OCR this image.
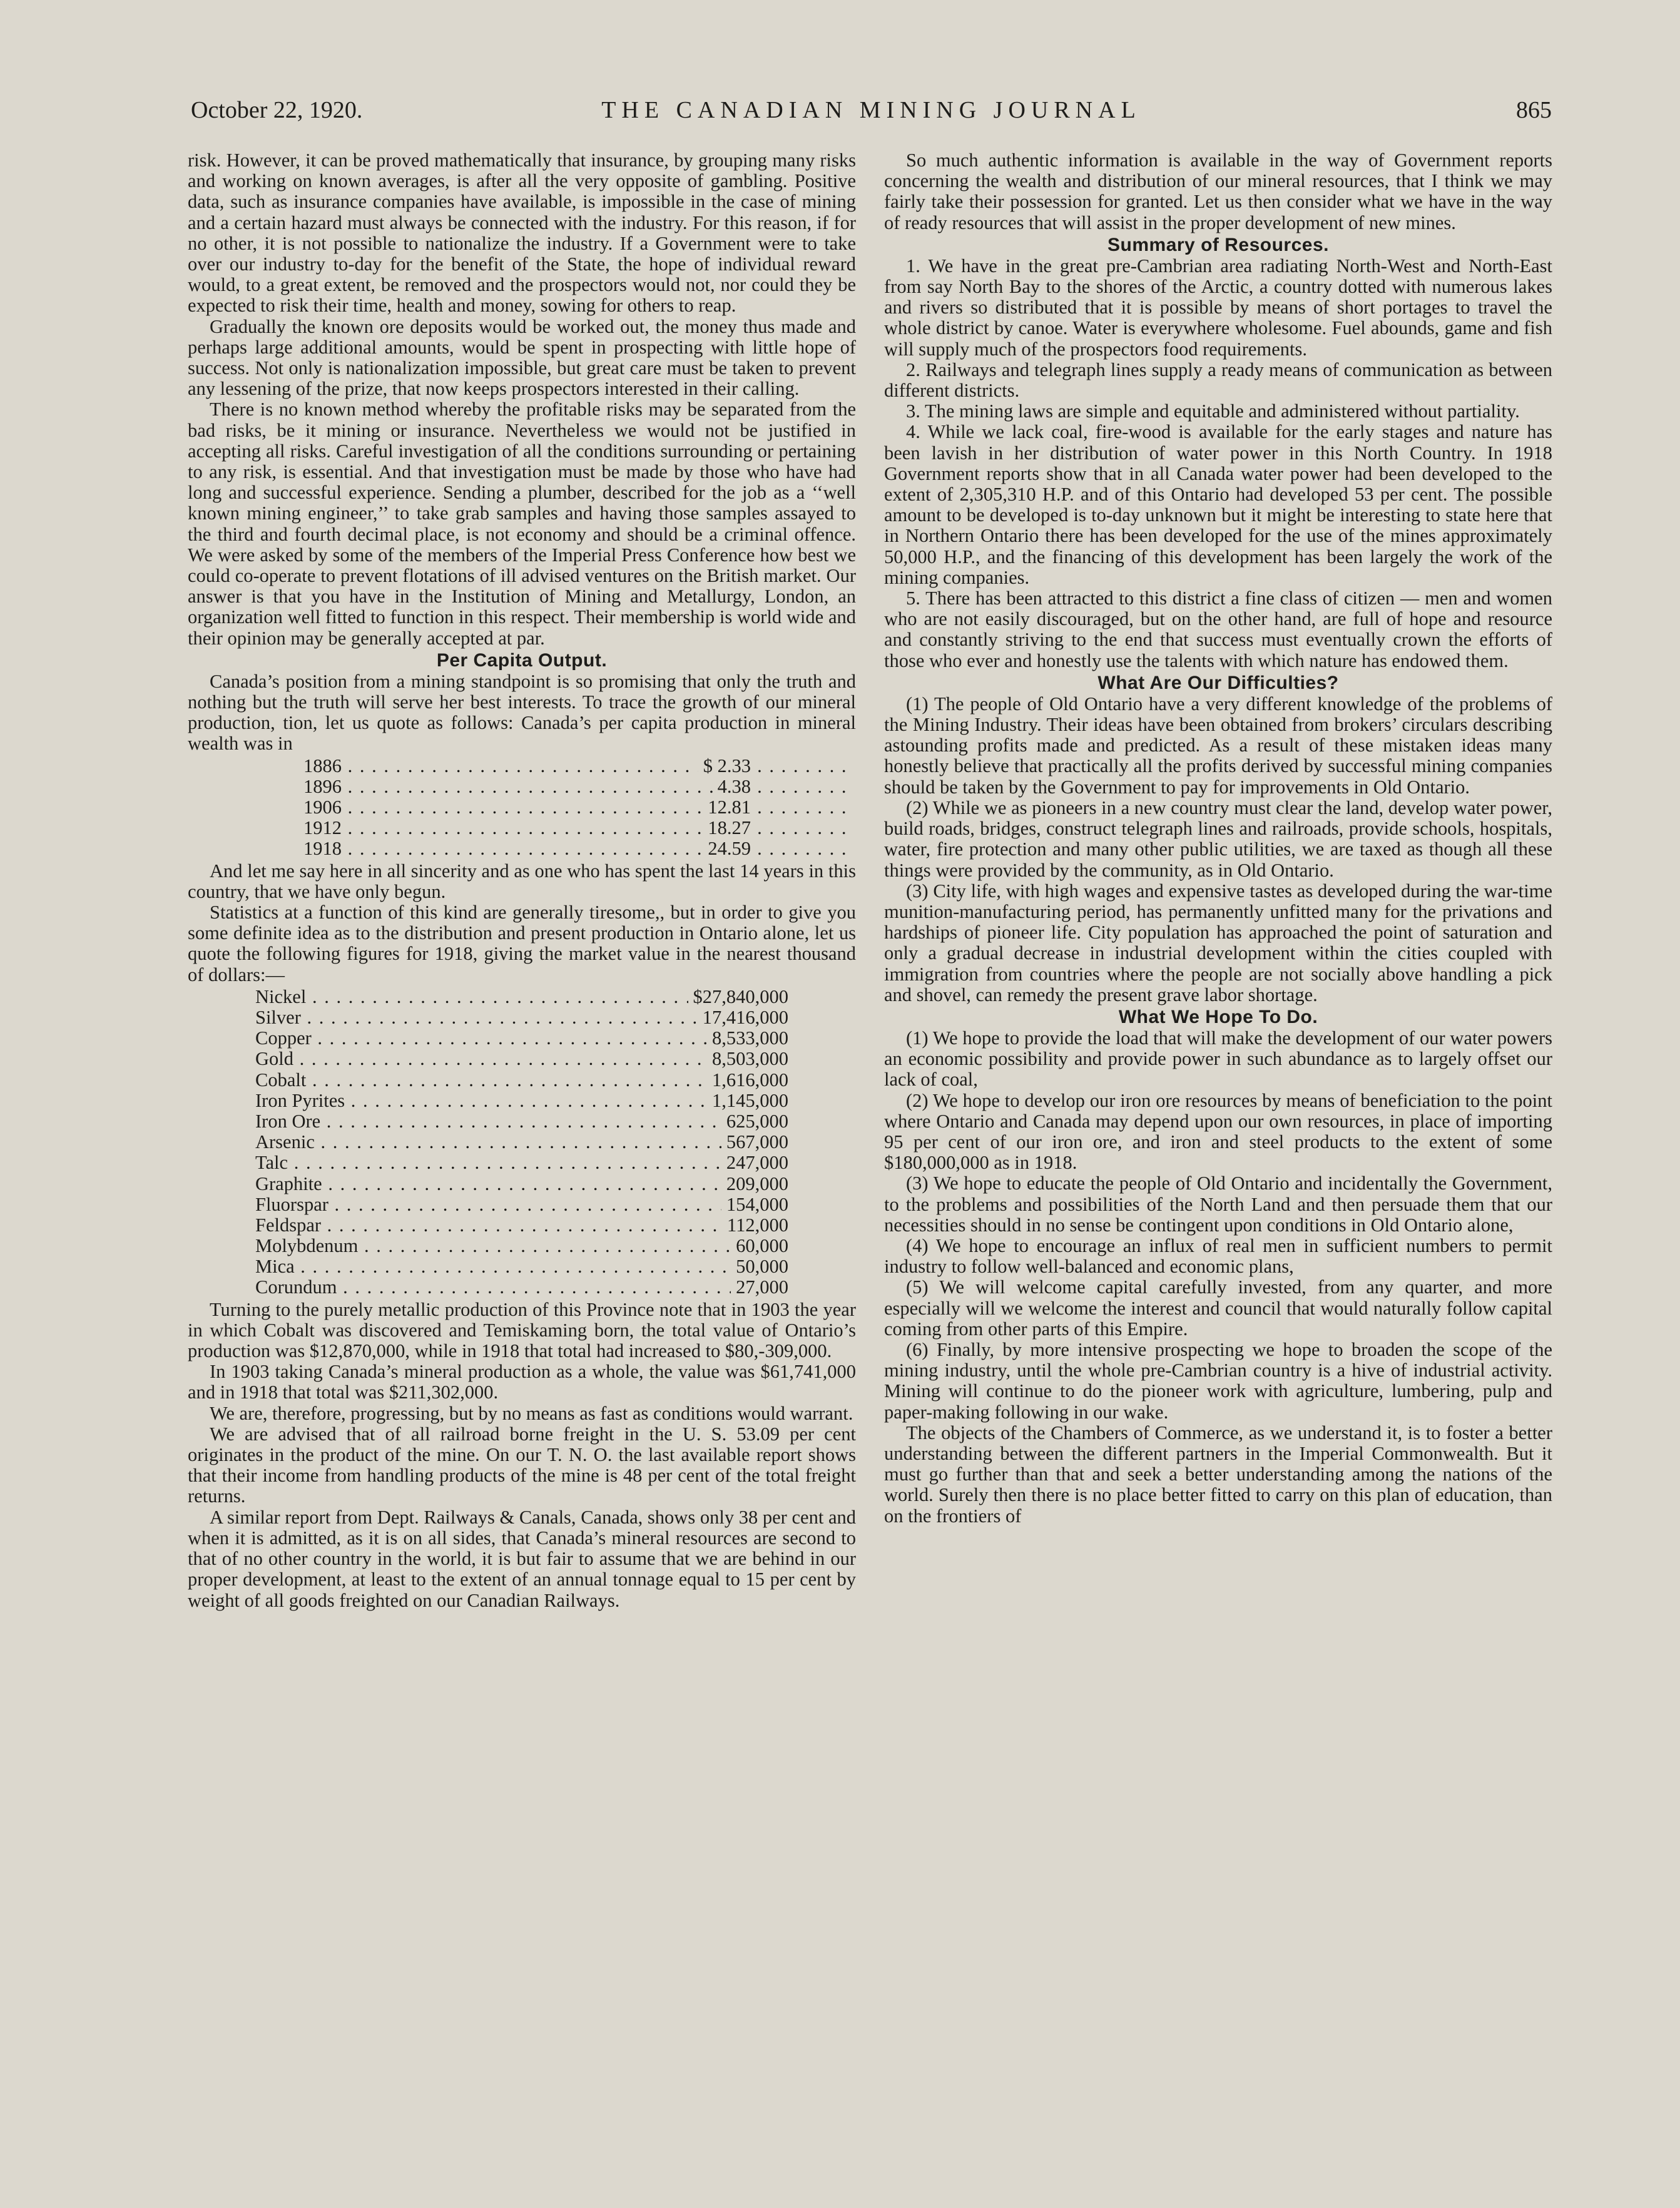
October 22, 1920.	THE CANADIAN MINING JOURNAL	865

risk. However, it can be proved mathematically that insurance, by grouping many risks and working on known averages, is after all the very opposite of gambling. Positive data, such as insurance companies have available, is impossible in the case of mining and a certain hazard must always be connected with the industry. For this reason, if for no other, it is not possible to nationalize the industry. If a Government were to take over our industry to-day for the benefit of the State, the hope of individual reward would, to a great extent, be removed and the prospectors would not, nor could they be expected to risk their time, health and money, sowing for others to reap.

Gradually the known ore deposits would be worked out, the money thus made and perhaps large additional amounts, would be spent in prospecting with little hope of success. Not only is nationalization impossible, but great care must be taken to prevent any lessening of the prize, that now keeps prospectors interested in their calling.

There is no known method whereby the profitable risks may be separated from the bad risks, be it mining or insurance. Nevertheless we would not be justified in accepting all risks. Careful investigation of all the conditions surrounding or pertaining to any risk, is essential. And that investigation must be made by those who have had long and successful experience. Sending a plumber, described for the job as a ‘‘well known mining engineer,’’ to take grab samples and having those samples assayed to the third and fourth decimal place, is not economy and should be a criminal offence. We were asked by some of the members of the Imperial Press Conference how best we could co-operate to prevent flotations of ill advised ventures on the British market. Our answer is that you have in the Institution of Mining and Metallurgy, London, an organization well fitted to function in this respect. Their membership is world wide and their opinion may be generally accepted at par.

Per Capita Output.

Canada’s position from a mining standpoint is so promising that only the truth and nothing but the truth will serve her best interests. To trace the growth of our mineral production, tion, let us quote as follows: Canada’s per capita production in mineral wealth was in

1886 . . .	$ 2.33
1896 . . .	4.38
1906 . . .	12.81
1912 . . .	18.27
1918 . . .	24.59

And let me say here in all sincerity and as one who has spent the last 14 years in this country, that we have only begun.

Statistics at a function of this kind are generally tiresome,, but in order to give you some definite idea as to the distribution and present production in Ontario alone, let us quote the following figures for 1918, giving the market value in the nearest thousand of dollars:—

Nickel . . .	$27,840,000
Silver . . .	17,416,000
Copper . . .	8,533,000
Gold . . .	8,503,000
Cobalt . . .	1,616,000
Iron Pyrites . . .	1,145,000
Iron Ore . . .	625,000
Arsenic . . .	567,000
Talc . . .	247,000
Graphite . . .	209,000
Fluorspar . . .	154,000
Feldspar . . .	112,000
Molybdenum . . .	60,000
Mica . . .	50,000
Corundum . . .	27,000

Turning to the purely metallic production of this Province note that in 1903 the year in which Cobalt was discovered and Temiskaming born, the total value of Ontario’s production was $12,870,000, while in 1918 that total had increased to $80,-309,000.

In 1903 taking Canada’s mineral production as a whole, the value was $61,741,000 and in 1918 that total was $211,302,000.

We are, therefore, progressing, but by no means as fast as conditions would warrant.

We are advised that of all railroad borne freight in the U. S. 53.09 per cent originates in the product of the mine. On our T. N. O. the last available report shows that their income from handling products of the mine is 48 per cent of the total freight returns.

A similar report from Dept. Railways & Canals, Canada, shows only 38 per cent and when it is admitted, as it is on all sides, that Canada’s mineral resources are second to that of no other country in the world, it is but fair to assume that we are behind in our proper development, at least to the extent of an annual tonnage equal to 15 per cent by weight of all goods freighted on our Canadian Railways.

So much authentic information is available in the way of Government reports concerning the wealth and distribution of our mineral resources, that I think we may fairly take their possession for granted. Let us then consider what we have in the way of ready resources that will assist in the proper development of new mines.

Summary of Resources.

1. We have in the great pre-Cambrian area radiating North-West and North-East from say North Bay to the shores of the Arctic, a country dotted with numerous lakes and rivers so distributed that it is possible by means of short portages to travel the whole district by canoe. Water is everywhere wholesome. Fuel abounds, game and fish will supply much of the prospectors food requirements.

2. Railways and telegraph lines supply a ready means of communication as between different districts.

3. The mining laws are simple and equitable and administered without partiality.

4. While we lack coal, fire-wood is available for the early stages and nature has been lavish in her distribution of water power in this North Country. In 1918 Government reports show that in all Canada water power had been developed to the extent of 2,305,310 H.P. and of this Ontario had developed 53 per cent. The possible amount to be developed is to-day unknown but it might be interesting to state here that in Northern Ontario there has been developed for the use of the mines approximately 50,000 H.P., and the financing of this development has been largely the work of the mining companies.

5. There has been attracted to this district a fine class of citizen — men and women who are not easily discouraged, but on the other hand, are full of hope and resource and constantly striving to the end that success must eventually crown the efforts of those who ever and honestly use the talents with which nature has endowed them.

What Are Our Difficulties?

(1) The people of Old Ontario have a very different knowledge of the problems of the Mining Industry. Their ideas have been obtained from brokers’ circulars describing astounding profits made and predicted. As a result of these mistaken ideas many honestly believe that practically all the profits derived by successful mining companies should be taken by the Government to pay for improvements in Old Ontario.

(2) While we as pioneers in a new country must clear the land, develop water power, build roads, bridges, construct telegraph lines and railroads, provide schools, hospitals, water, fire protection and many other public utilities, we are taxed as though all these things were provided by the community, as in Old Ontario.

(3) City life, with high wages and expensive tastes as developed during the war-time munition-manufacturing period, has permanently unfitted many for the privations and hardships of pioneer life. City population has approached the point of saturation and only a gradual decrease in industrial development within the cities coupled with immigration from countries where the people are not socially above handling a pick and shovel, can remedy the present grave labor shortage.

What We Hope To Do.

(1) We hope to provide the load that will make the development of our water powers an economic possibility and provide power in such abundance as to largely offset our lack of coal,

(2) We hope to develop our iron ore resources by means of beneficiation to the point where Ontario and Canada may depend upon our own resources, in place of importing 95 per cent of our iron ore, and iron and steel products to the extent of some $180,000,000 as in 1918.

(3) We hope to educate the people of Old Ontario and incidentally the Government, to the problems and possibilities of the North Land and then persuade them that our necessities should in no sense be contingent upon conditions in Old Ontario alone,

(4) We hope to encourage an influx of real men in sufficient numbers to permit industry to follow well-balanced and economic plans,

(5) We will welcome capital carefully invested, from any quarter, and more especially will we welcome the interest and council that would naturally follow capital coming from other parts of this Empire.

(6) Finally, by more intensive prospecting we hope to broaden the scope of the mining industry, until the whole pre-Cambrian country is a hive of industrial activity. Mining will continue to do the pioneer work with agriculture, lumbering, pulp and paper-making following in our wake.

The objects of the Chambers of Commerce, as we understand it, is to foster a better understanding between the different partners in the Imperial Commonwealth. But it must go further than that and seek a better understanding among the nations of the world. Surely then there is no place better fitted to carry on this plan of education, than on the frontiers of
